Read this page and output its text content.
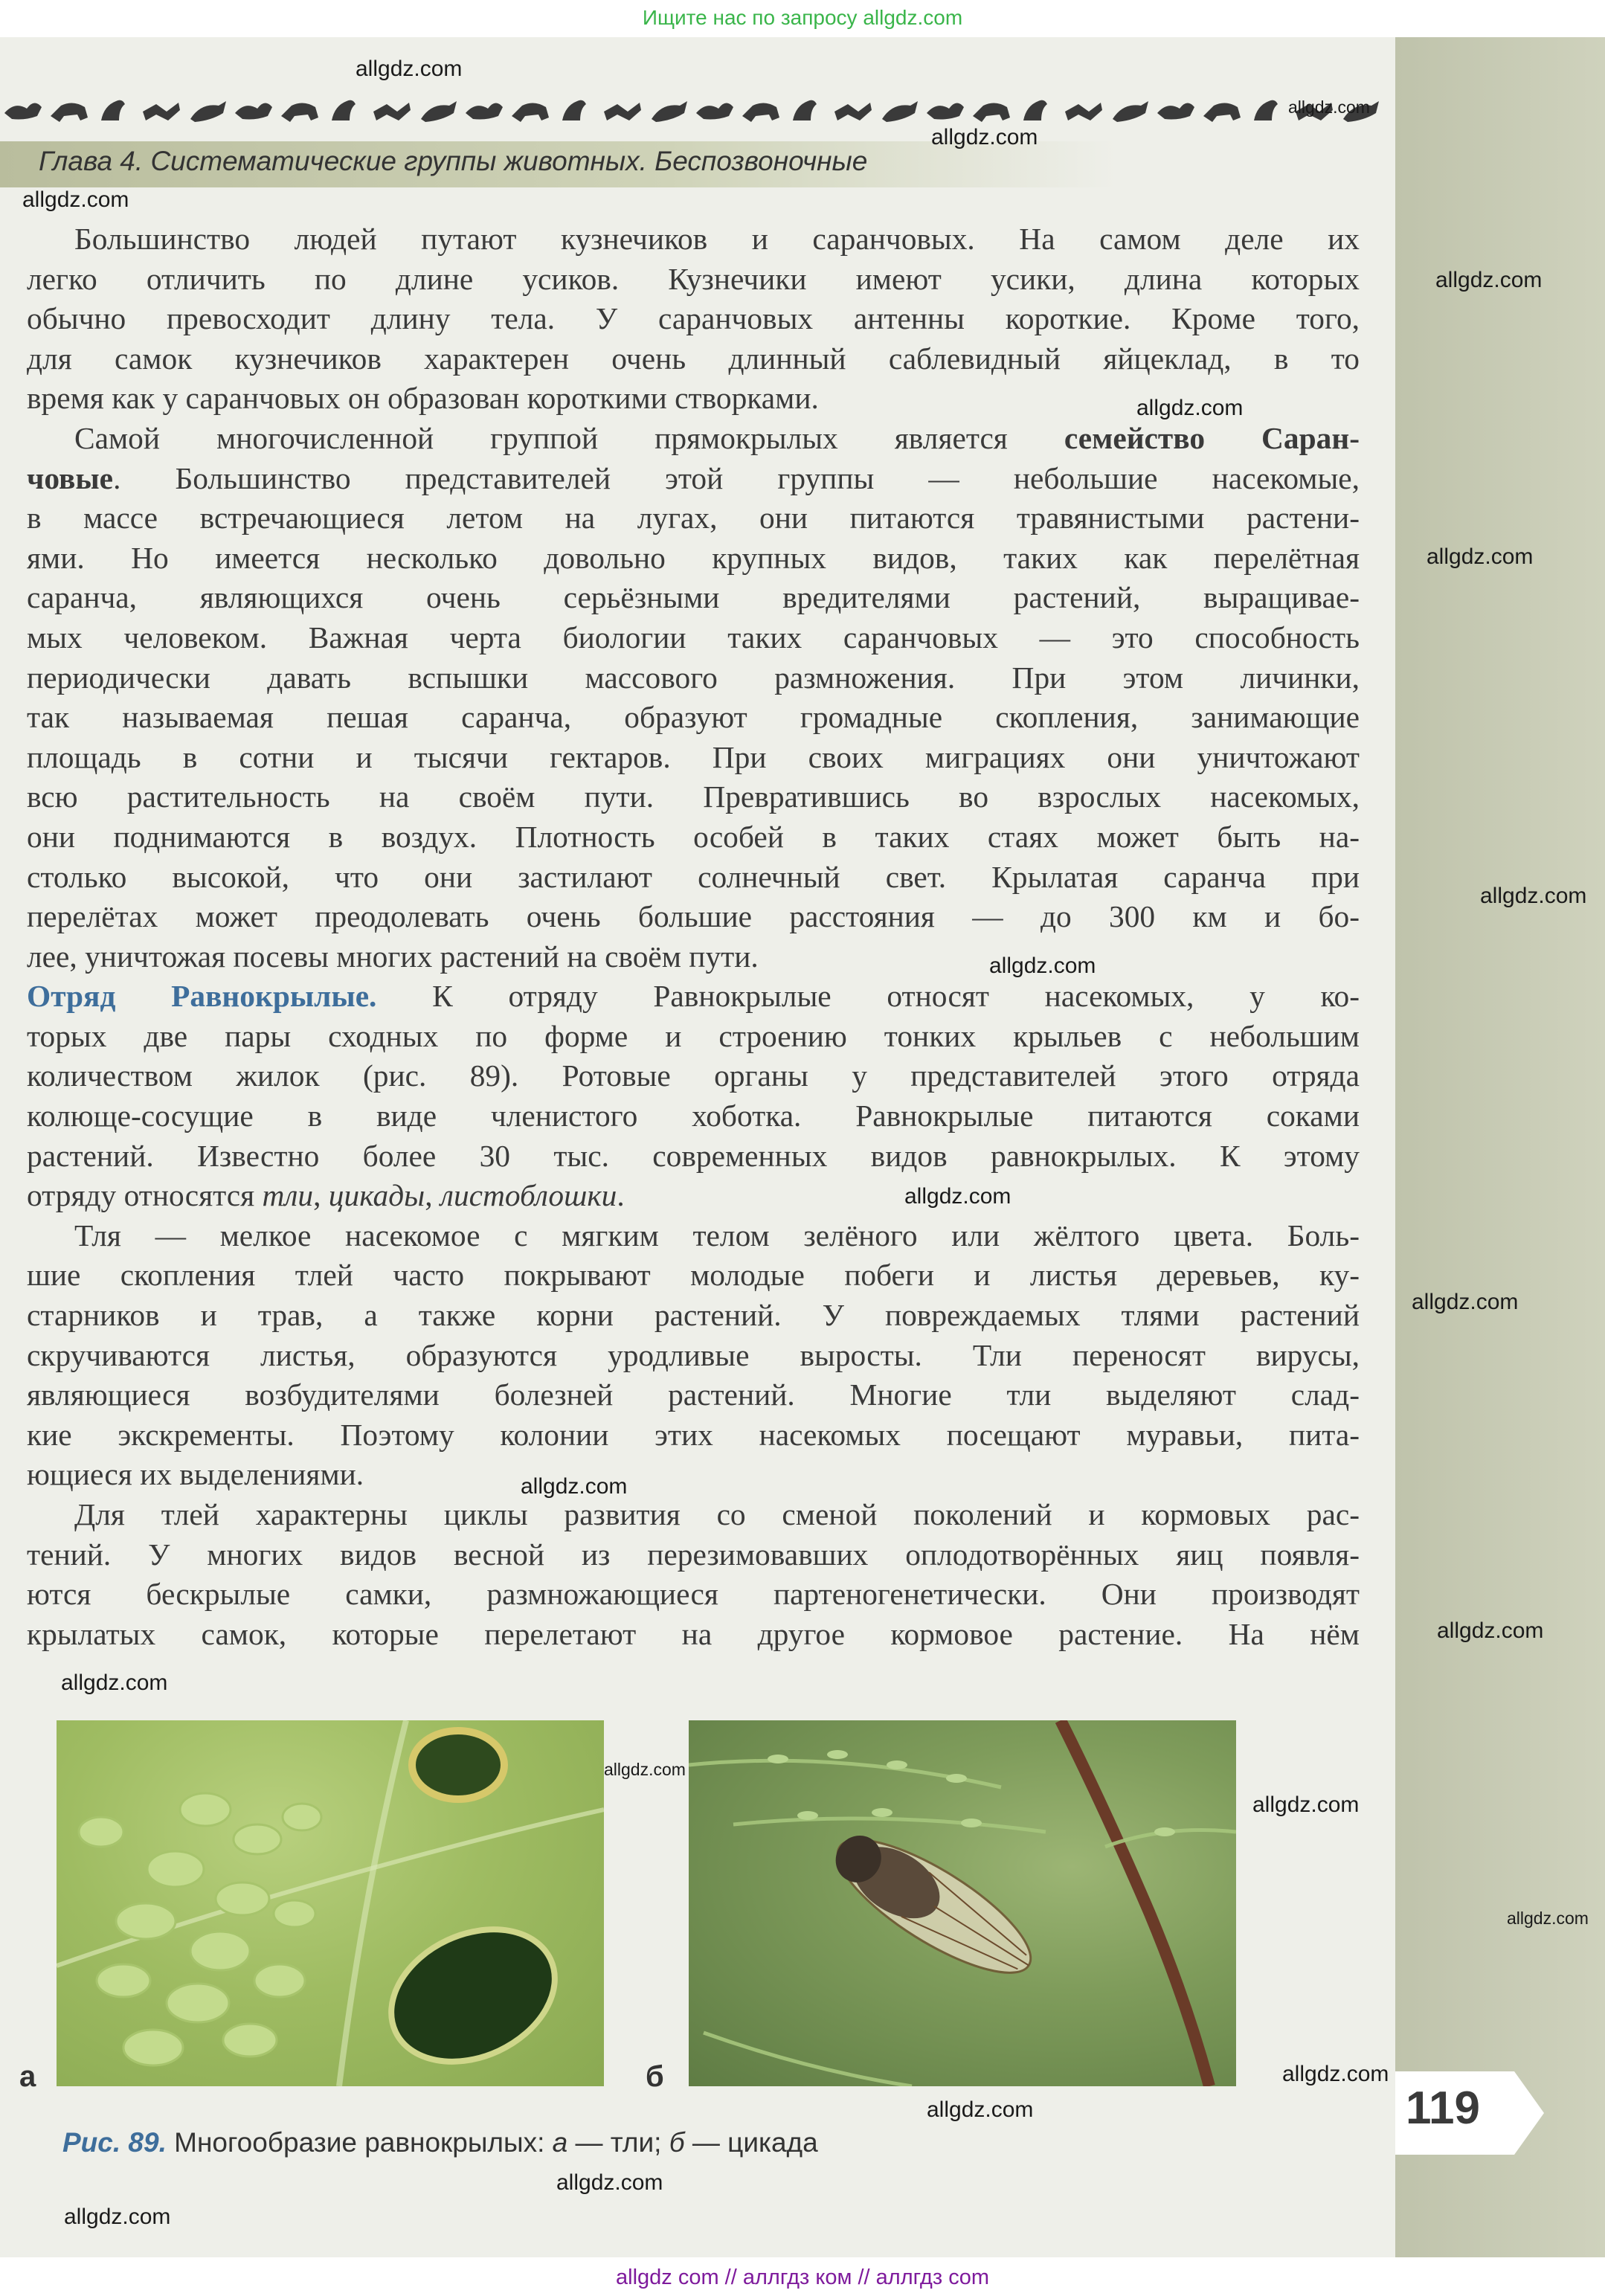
Ищите нас по запросу allgdz.com
Глава 4. Систематические группы животных. Беспозвоночные
Большинство людей путают кузнечиков и саранчовых. На самом деле их
легко отличить по длине усиков. Кузнечики имеют усики, длина которых
обычно превосходит длину тела. У саранчовых антенны короткие. Кроме того,
для самок кузнечиков характерен очень длинный саблевидный яйцеклад, в то
время как у саранчовых он образован короткими створками.
Самой многочисленной группой прямокрылых является семейство Саран-
човые. Большинство представителей этой группы — небольшие насекомые,
в массе встречающиеся летом на лугах, они питаются травянистыми растени-
ями. Но имеется несколько довольно крупных видов, таких как перелётная
саранча, являющихся очень серьёзными вредителями растений, выращивае-
мых человеком. Важная черта биологии таких саранчовых — это способность
периодически давать вспышки массового размножения. При этом личинки,
так называемая пешая саранча, образуют громадные скопления, занимающие
площадь в сотни и тысячи гектаров. При своих миграциях они уничтожают
всю растительность на своём пути. Превратившись во взрослых насекомых,
они поднимаются в воздух. Плотность особей в таких стаях может быть на-
столько высокой, что они застилают солнечный свет. Крылатая саранча при
перелётах может преодолевать очень большие расстояния — до 300 км и бо-
лее, уничтожая посевы многих растений на своём пути.
Отряд Равнокрылые. К отряду Равнокрылые относят насекомых, у ко-
торых две пары сходных по форме и строению тонких крыльев с небольшим
количеством жилок (рис. 89). Ротовые органы у представителей этого отряда
колюще-сосущие в виде членистого хоботка. Равнокрылые питаются соками
растений. Известно более 30 тыс. современных видов равнокрылых. К этому
отряду относятся тли, цикады, листоблошки.
Тля — мелкое насекомое с мягким телом зелёного или жёлтого цвета. Боль-
шие скопления тлей часто покрывают молодые побеги и листья деревьев, ку-
старников и трав, а также корни растений. У повреждаемых тлями растений
скручиваются листья, образуются уродливые выросты. Тли переносят вирусы,
являющиеся возбудителями болезней растений. Многие тли выделяют слад-
кие экскременты. Поэтому колонии этих насекомых посещают муравьи, пита-
ющиеся их выделениями.
Для тлей характерны циклы развития со сменой поколений и кормовых рас-
тений. У многих видов весной из перезимовавших оплодотворённых яиц появля-
ются бескрылые самки, размножающиеся партеногенетически. Они производят
крылатых самок, которые перелетают на другое кормовое растение. На нём
а	б
Рис. 89. Многообразие равнокрылых: а — тли; б — цикада
119
allgdz.com
allgdz.com
allgdz.com
allgdz.com
allgdz.com
allgdz.com
allgdz.com
allgdz.com
allgdz.com
allgdz.com
allgdz.com
allgdz.com
allgdz.com
allgdz.com
allgdz.com
allgdz.com
allgdz.com
allgdz.com
allgdz.com
allgdz.com
allgdz.com
allgdz com // аллгдз ком // аллгдз com
